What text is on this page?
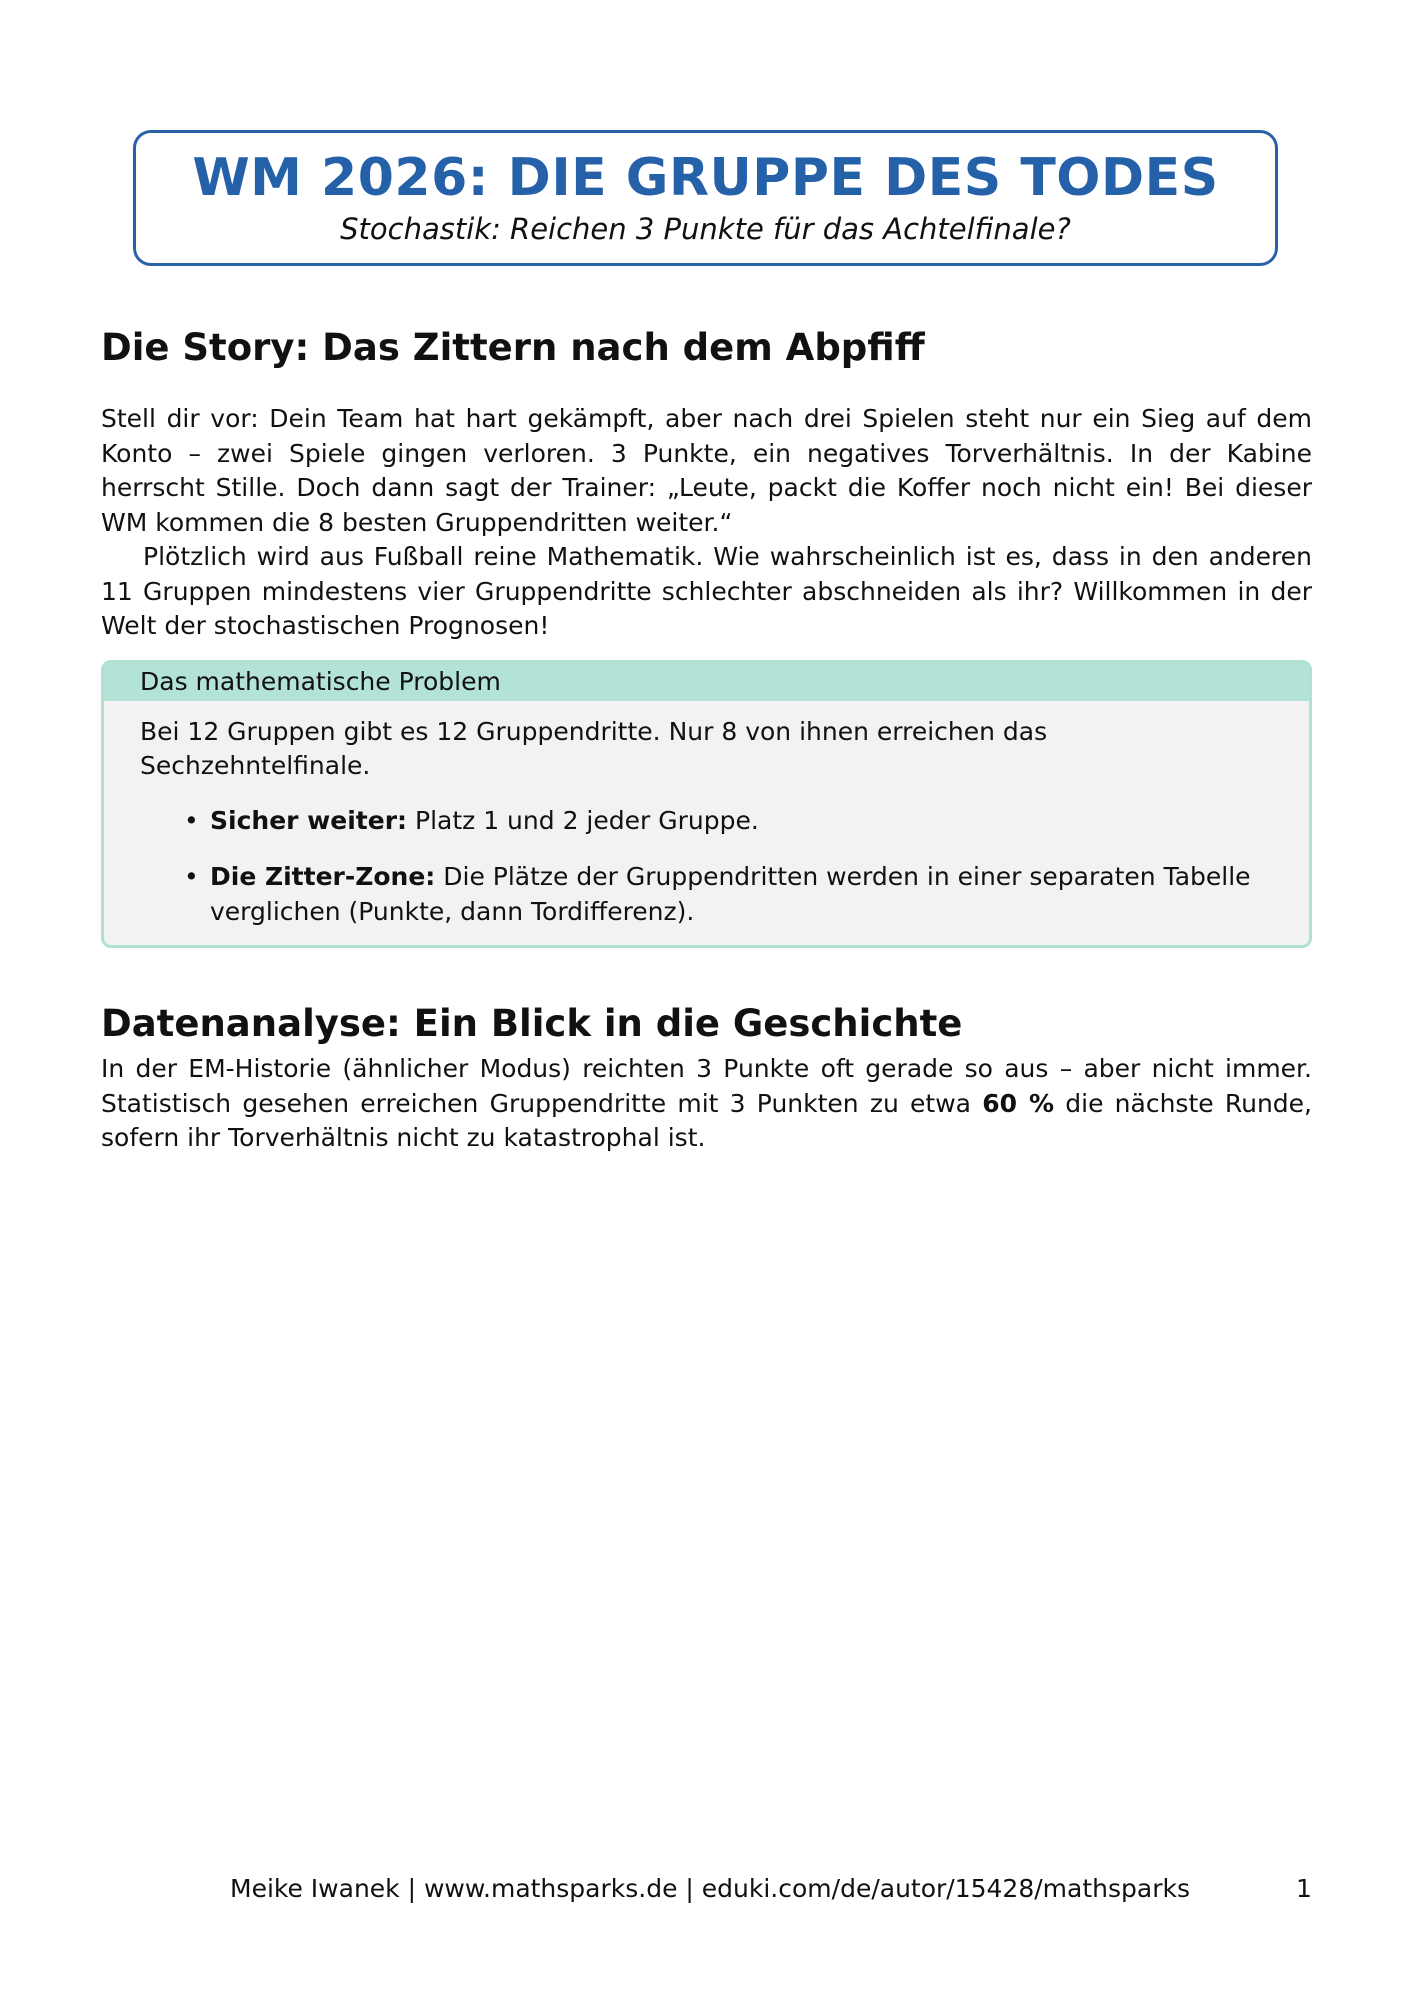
WM 2026: DIE GRUPPE DES TODES
Stochastik: Reichen 3 Punkte für das Achtelfinale?
Die Story: Das Zittern nach dem Abpfiff

Stell dir vor: Dein Team hat hart gekämpft, aber nach drei Spielen steht nur ein Sieg auf dem Konto – zwei Spiele gingen verloren. 3 Punkte, ein negatives Torverhältnis. In der Kabine herrscht Stille. Doch dann sagt der Trainer: „Leute, packt die Koffer noch nicht ein! Bei dieser WM kommen die 8 besten Gruppendritten weiter.“

Plötzlich wird aus Fußball reine Mathematik. Wie wahrscheinlich ist es, dass in den anderen 11 Gruppen mindestens vier Gruppendritte schlechter abschneiden als ihr? Willkommen in der Welt der stochastischen Prognosen!

Das mathematische Problem

Bei 12 Gruppen gibt es 12 Gruppendritte. Nur 8 von ihnen erreichen das Sechzehntelfinale.

• Sicher weiter: Platz 1 und 2 jeder Gruppe.
• Die Zitter-Zone: Die Plätze der Gruppendritten werden in einer separaten Tabelle verglichen (Punkte, dann Tordifferenz).
Datenanalyse: Ein Blick in die Geschichte

In der EM-Historie (ähnlicher Modus) reichten 3 Punkte oft gerade so aus – aber nicht immer. Statistisch gesehen erreichen Gruppendritte mit 3 Punkten zu etwa 60 % die nächste Runde, sofern ihr Torverhältnis nicht zu katastrophal ist.

Meike Iwanek | www.mathsparks.de | eduki.com/de/autor/15428/mathsparks	1
